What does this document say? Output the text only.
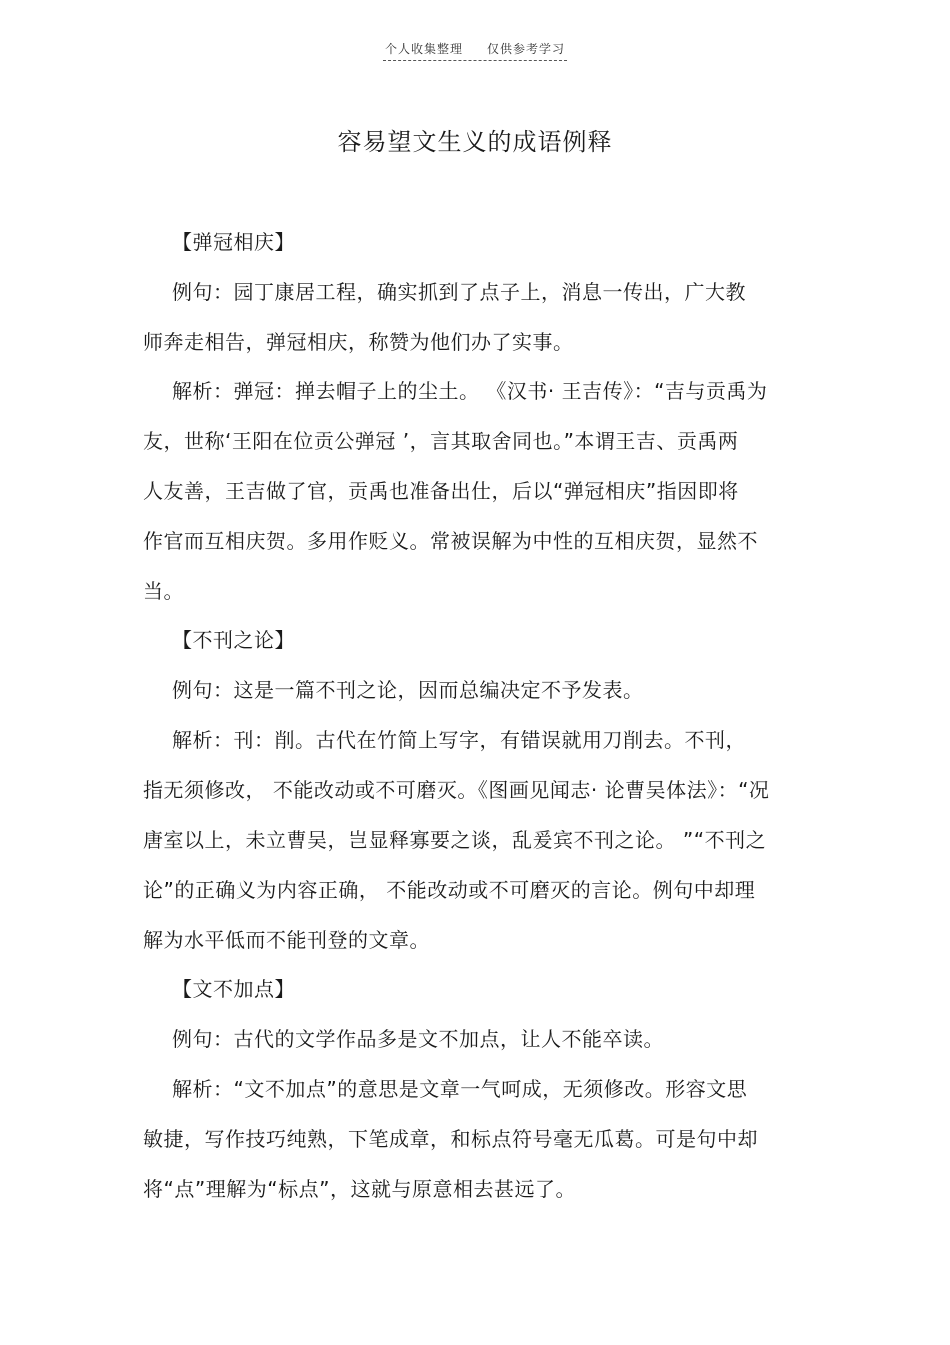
个人收集整理 仅供参考学习
容易望文生义的成语例释
【弹冠相庆】
例句：园丁康居工程，确实抓到了点子上，消息一传出，广大教
师奔走相告，弹冠相庆，称赞为他们办了实事。
解析：弹冠：掸去帽子上的尘土。 《汉书· 王吉传》：“吉与贡禹为
友，世称‘王阳在位贡公弹冠 ’，言其取舍同也。”本谓王吉、贡禹两
人友善，王吉做了官，贡禹也准备出仕，后以“弹冠相庆”指因即将
作官而互相庆贺。多用作贬义。常被误解为中性的互相庆贺，显然不
当。
【不刊之论】
例句：这是一篇不刊之论，因而总编决定不予发表。
解析：刊：削。古代在竹简上写字，有错误就用刀削去。不刊，
指无须修改， 不能改动或不可磨灭。《图画见闻志· 论曹吴体法》：“况
唐室以上，未立曹吴，岂显释寡要之谈，乱爰宾不刊之论。 ”“不刊之
论”的正确义为内容正确， 不能改动或不可磨灭的言论。例句中却理
解为水平低而不能刊登的文章。
【文不加点】
例句：古代的文学作品多是文不加点，让人不能卒读。
解析：“文不加点”的意思是文章一气呵成，无须修改。形容文思
敏捷，写作技巧纯熟，下笔成章，和标点符号毫无瓜葛。可是句中却
将“点”理解为“标点”，这就与原意相去甚远了。
